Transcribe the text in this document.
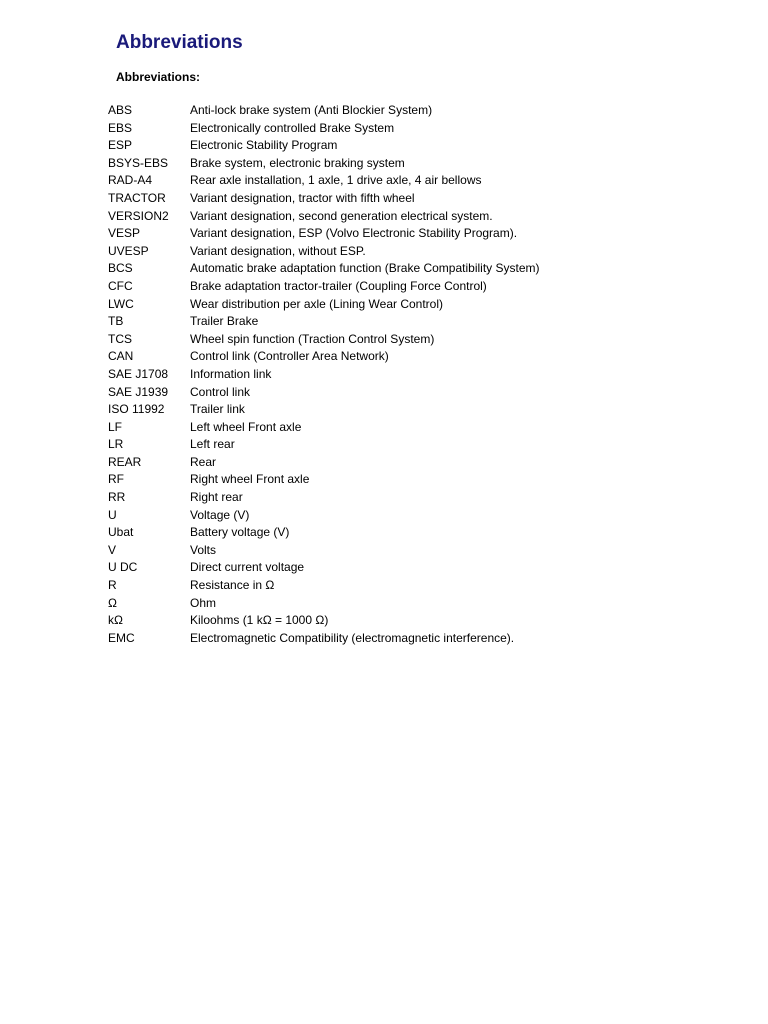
Abbreviations
Abbreviations:
ABS	Anti-lock brake system (Anti Blockier System)
EBS	Electronically controlled Brake System
ESP	Electronic Stability Program
BSYS-EBS	Brake system, electronic braking system
RAD-A4	Rear axle installation, 1 axle, 1 drive axle, 4 air bellows
TRACTOR	Variant designation, tractor with fifth wheel
VERSION2	Variant designation, second generation electrical system.
VESP	Variant designation, ESP (Volvo Electronic Stability Program).
UVESP	Variant designation, without ESP.
BCS	Automatic brake adaptation function (Brake Compatibility System)
CFC	Brake adaptation tractor-trailer (Coupling Force Control)
LWC	Wear distribution per axle (Lining Wear Control)
TB	Trailer Brake
TCS	Wheel spin function (Traction Control System)
CAN	Control link (Controller Area Network)
SAE J1708	Information link
SAE J1939	Control link
ISO 11992	Trailer link
LF	Left wheel Front axle
LR	Left rear
REAR	Rear
RF	Right wheel Front axle
RR	Right rear
U	Voltage (V)
Ubat	Battery voltage (V)
V	Volts
U DC	Direct current voltage
R	Resistance in Ω
Ω	Ohm
kΩ	Kiloohms (1 kΩ = 1000 Ω)
EMC	Electromagnetic Compatibility (electromagnetic interference).
